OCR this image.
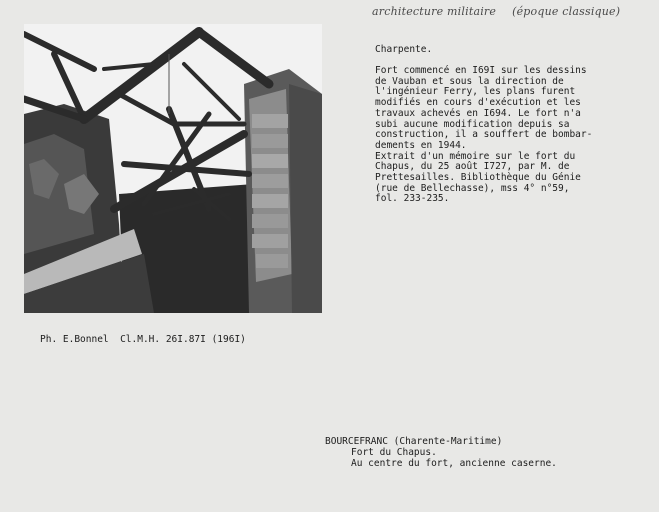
architecture militaire (époque classique)
Charpente.
Fort commencé en I69I sur les dessins
de Vauban et sous la direction de
l'ingénieur Ferry, les plans furent
modifiés en cours d'exécution et les
travaux achevés en I694. Le fort n'a
subi aucune modification depuis sa
construction, il a souffert de bombar-
dements en 1944.
Extrait d'un mémoire sur le fort du
Chapus, du 25 août I727, par M. de
Prettesailles. Bibliothèque du Génie
(rue de Bellechasse), mss 4° n°59,
fol. 233-235.
Ph. E.Bonnel  Cl.M.H. 26I.87I (196I)
BOURCEFRANC (Charente-Maritime)
Fort du Chapus.
Au centre du fort, ancienne caserne.
